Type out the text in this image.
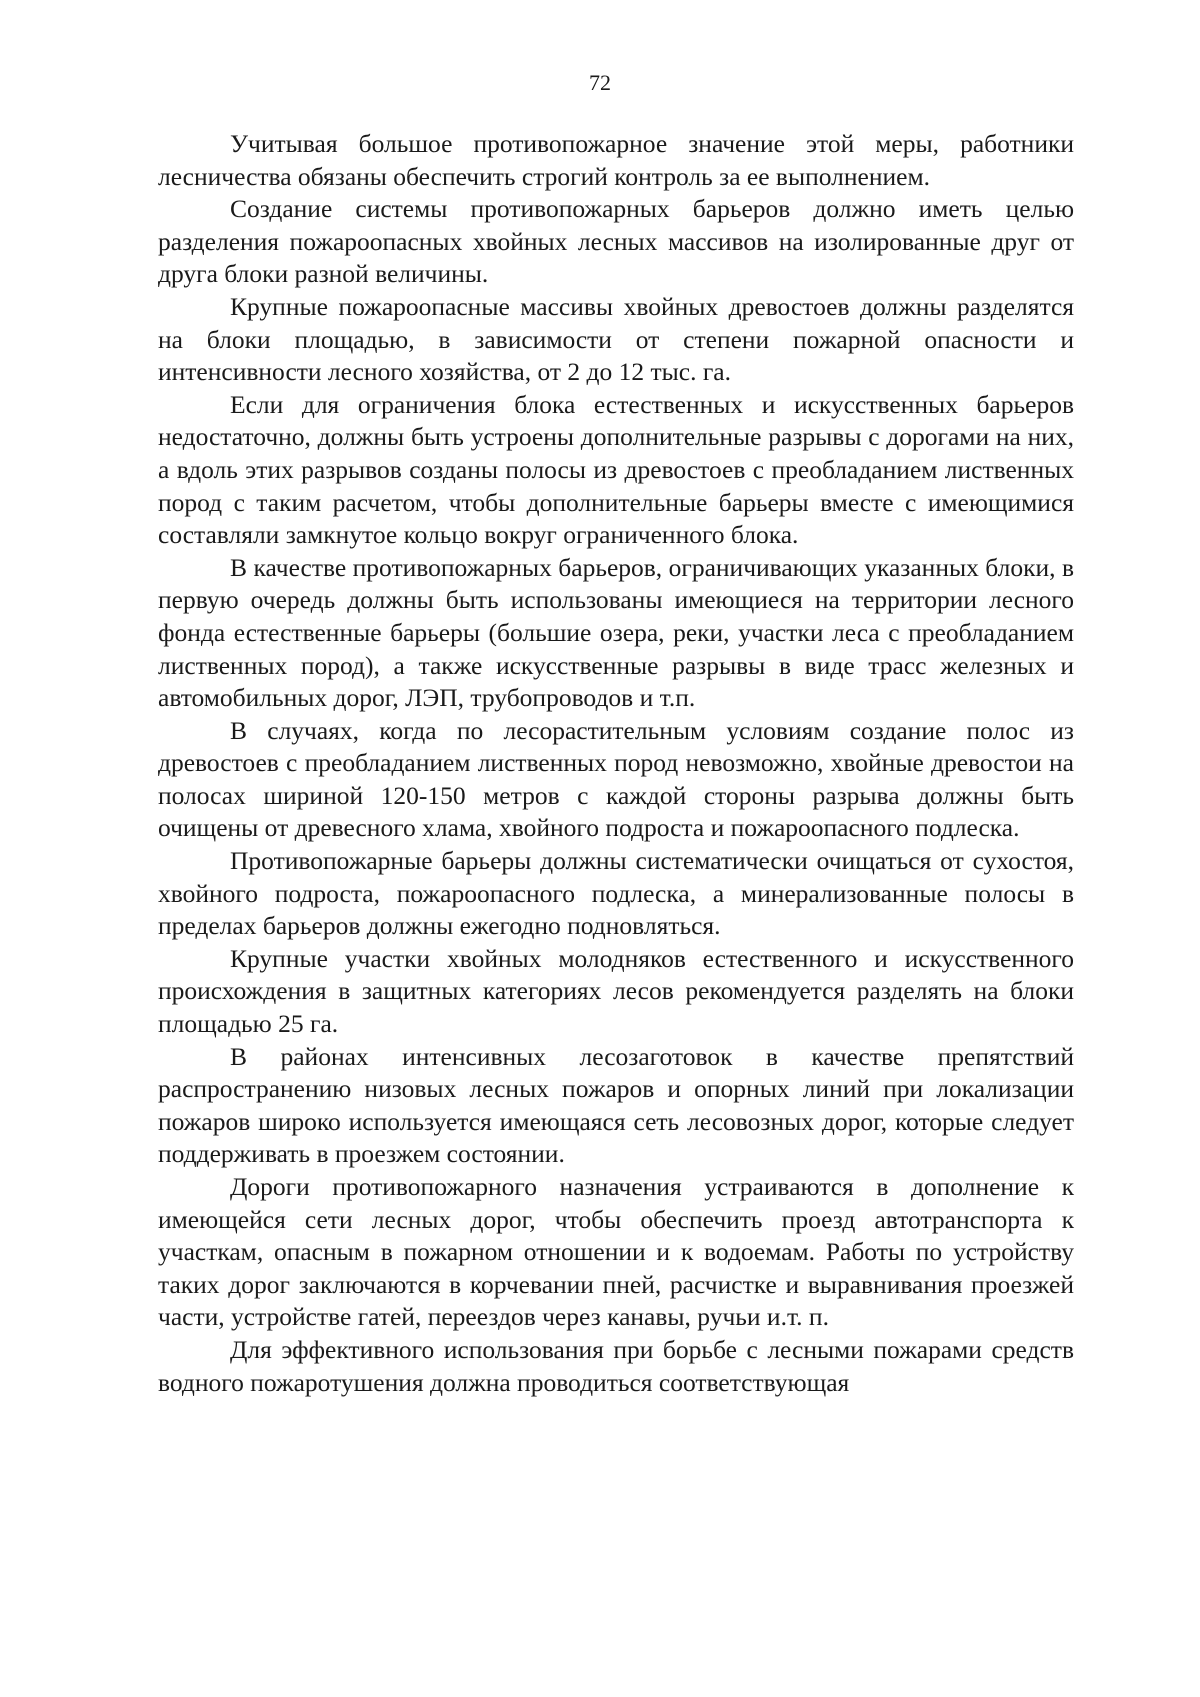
72

Учитывая большое противопожарное значение этой меры, работники лесничества обязаны обеспечить строгий контроль за ее выполнением.

Создание системы противопожарных барьеров должно иметь целью разделения пожароопасных хвойных лесных массивов на изолированные друг от друга блоки разной величины.

Крупные пожароопасные массивы хвойных древостоев должны разделятся на блоки площадью, в зависимости от степени пожарной опасности и интенсивности лесного хозяйства, от 2 до 12 тыс. га.

Если для ограничения блока естественных и искусственных барьеров недостаточно, должны быть устроены дополнительные разрывы с дорогами на них, а вдоль этих разрывов созданы полосы из древостоев с преобладанием лиственных пород с таким расчетом, чтобы дополнительные барьеры вместе с имеющимися составляли замкнутое кольцо вокруг ограниченного блока.

В качестве противопожарных барьеров, ограничивающих указанных блоки, в первую очередь должны быть использованы имеющиеся на территории лесного фонда естественные барьеры (большие озера, реки, участки леса с преобладанием лиственных пород), а также искусственные разрывы в виде трасс железных и автомобильных дорог, ЛЭП, трубопроводов и т.п.

В случаях, когда по лесорастительным условиям создание полос из древостоев с преобладанием лиственных пород невозможно, хвойные древостои на полосах шириной 120-150 метров с каждой стороны разрыва должны быть очищены от древесного хлама, хвойного подроста и пожароопасного подлеска.

Противопожарные барьеры должны систематически очищаться от сухостоя, хвойного подроста, пожароопасного подлеска, а минерализованные полосы в пределах барьеров должны ежегодно подновляться.

Крупные участки хвойных молодняков естественного и искусственного происхождения в защитных категориях лесов рекомендуется разделять на блоки площадью 25 га.

В районах интенсивных лесозаготовок в качестве препятствий распространению низовых лесных пожаров и опорных линий при локализации пожаров широко используется имеющаяся сеть лесовозных дорог, которые следует поддерживать в проезжем состоянии.

Дороги противопожарного назначения устраиваются в дополнение к имеющейся сети лесных дорог, чтобы обеспечить проезд автотранспорта к участкам, опасным в пожарном отношении и к водоемам. Работы по устройству таких дорог заключаются в корчевании пней, расчистке и выравнивания проезжей части, устройстве гатей, переездов через канавы, ручьи и.т. п.

Для эффективного использования при борьбе с лесными пожарами средств водного пожаротушения должна проводиться соответствующая
